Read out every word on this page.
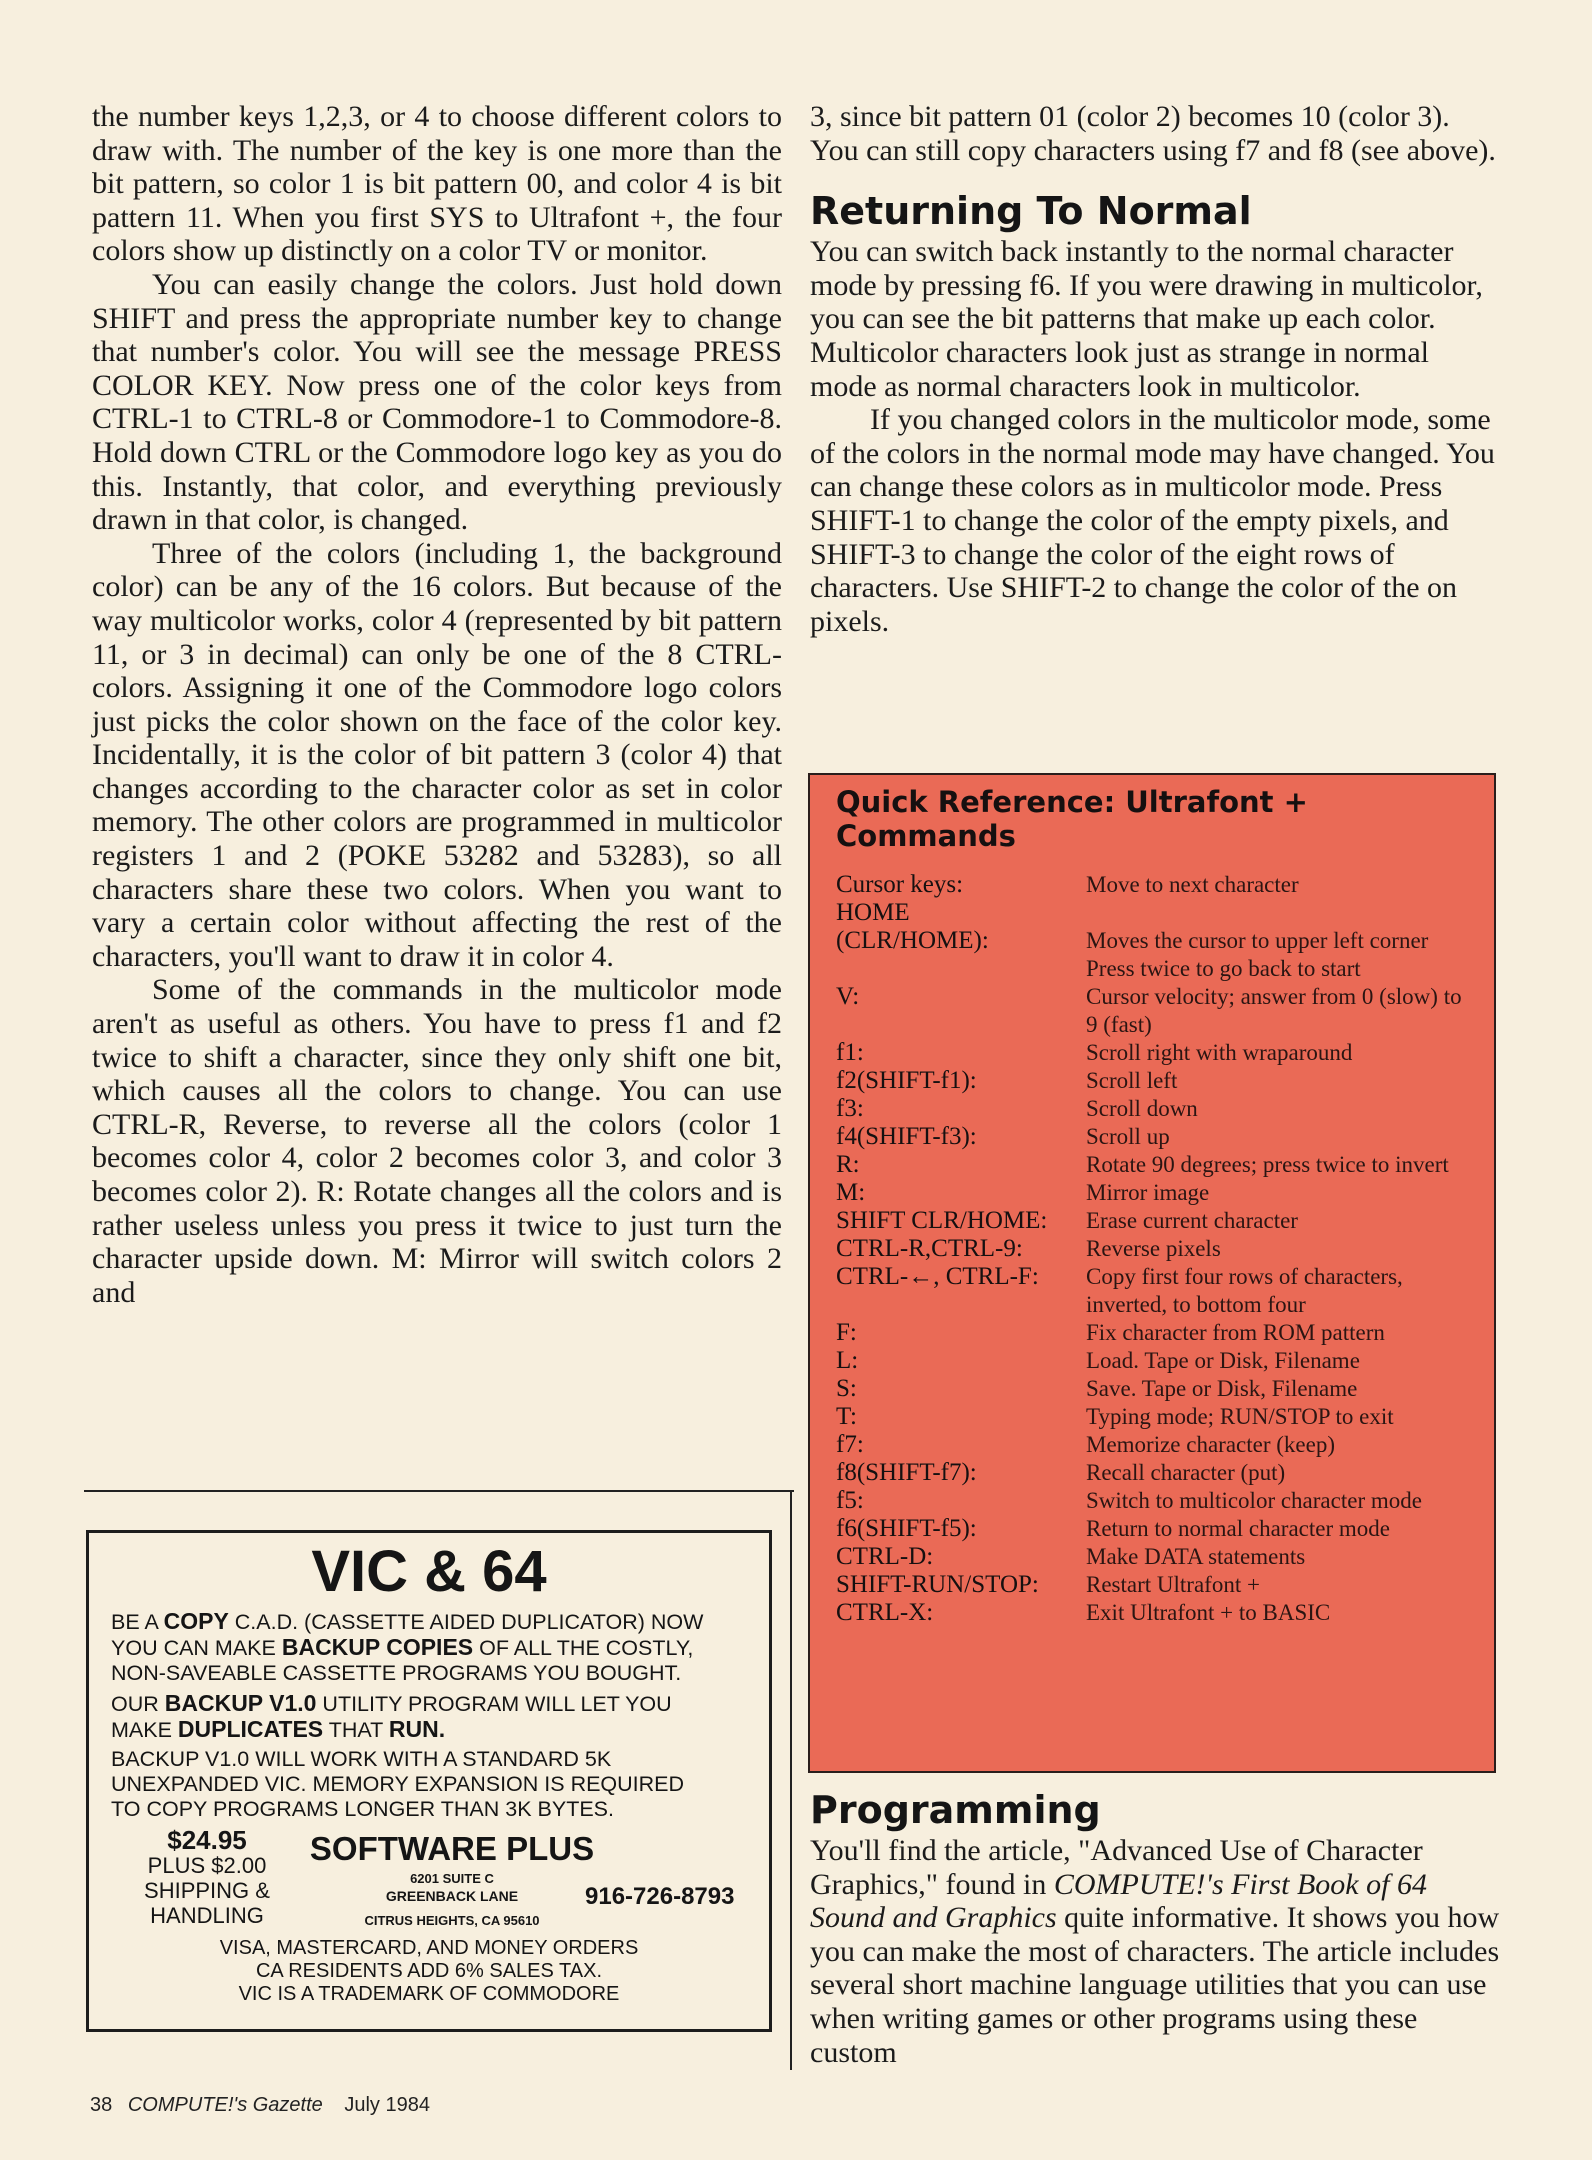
the number keys 1,2,3, or 4 to choose different colors to draw with. The number of the key is one more than the bit pattern, so color 1 is bit pattern 00, and color 4 is bit pattern 11. When you first SYS to Ultrafont +, the four colors show up distinctly on a color TV or monitor.

You can easily change the colors. Just hold down SHIFT and press the appropriate number key to change that number's color. You will see the message PRESS COLOR KEY. Now press one of the color keys from CTRL-1 to CTRL-8 or Commodore-1 to Commodore-8. Hold down CTRL or the Commodore logo key as you do this. Instantly, that color, and everything previously drawn in that color, is changed.

Three of the colors (including 1, the background color) can be any of the 16 colors. But because of the way multicolor works, color 4 (represented by bit pattern 11, or 3 in decimal) can only be one of the 8 CTRL-colors. Assigning it one of the Commodore logo colors just picks the color shown on the face of the color key. Incidentally, it is the color of bit pattern 3 (color 4) that changes according to the character color as set in color memory. The other colors are programmed in multicolor registers 1 and 2 (POKE 53282 and 53283), so all characters share these two colors. When you want to vary a certain color without affecting the rest of the characters, you'll want to draw it in color 4.

Some of the commands in the multicolor mode aren't as useful as others. You have to press f1 and f2 twice to shift a character, since they only shift one bit, which causes all the colors to change. You can use CTRL-R, Reverse, to reverse all the colors (color 1 becomes color 4, color 2 becomes color 3, and color 3 becomes color 2). R: Rotate changes all the colors and is rather useless unless you press it twice to just turn the character upside down. M: Mirror will switch colors 2 and

3, since bit pattern 01 (color 2) becomes 10 (color 3). You can still copy characters using f7 and f8 (see above).

Returning To Normal

You can switch back instantly to the normal character mode by pressing f6. If you were drawing in multicolor, you can see the bit patterns that make up each color. Multicolor characters look just as strange in normal mode as normal characters look in multicolor.

If you changed colors in the multicolor mode, some of the colors in the normal mode may have changed. You can change these colors as in multicolor mode. Press SHIFT-1 to change the color of the empty pixels, and SHIFT-3 to change the color of the eight rows of characters. Use SHIFT-2 to change the color of the on pixels.

Quick Reference: Ultrafont + Commands
Cursor keys:	Move to next character
HOME
(CLR/HOME):	Moves the cursor to upper left corner
Press twice to go back to start
V:	Cursor velocity; answer from 0 (slow) to 9 (fast)
f1:	Scroll right with wraparound
f2(SHIFT-f1):	Scroll left
f3:	Scroll down
f4(SHIFT-f3):	Scroll up
R:	Rotate 90 degrees; press twice to invert
M:	Mirror image
SHIFT CLR/HOME:	Erase current character
CTRL-R,CTRL-9:	Reverse pixels
CTRL-←, CTRL-F:	Copy first four rows of characters, inverted, to bottom four
F:	Fix character from ROM pattern
L:	Load. Tape or Disk, Filename
S:	Save. Tape or Disk, Filename
T:	Typing mode; RUN/STOP to exit
f7:	Memorize character (keep)
f8(SHIFT-f7):	Recall character (put)
f5:	Switch to multicolor character mode
f6(SHIFT-f5):	Return to normal character mode
CTRL-D:	Make DATA statements
SHIFT-RUN/STOP:	Restart Ultrafont +
CTRL-X:	Exit Ultrafont + to BASIC
Programming

You'll find the article, "Advanced Use of Character Graphics," found in COMPUTE!'s First Book of 64 Sound and Graphics quite informative. It shows you how you can make the most of characters. The article includes several short machine language utilities that you can use when writing games or other programs using these custom

VIC & 64
BE A COPY C.A.D. (CASSETTE AIDED DUPLICATOR) NOW
YOU CAN MAKE BACKUP COPIES OF ALL THE COSTLY,
NON-SAVEABLE CASSETTE PROGRAMS YOU BOUGHT.
OUR BACKUP V1.0 UTILITY PROGRAM WILL LET YOU
MAKE DUPLICATES THAT RUN.
BACKUP V1.0 WILL WORK WITH A STANDARD 5K
UNEXPANDED VIC. MEMORY EXPANSION IS REQUIRED
TO COPY PROGRAMS LONGER THAN 3K BYTES.
$24.95
PLUS $2.00
SHIPPING &
HANDLING
SOFTWARE PLUS
6201 SUITE C
GREENBACK LANE
CITRUS HEIGHTS, CA 95610
916-726-8793
VISA, MASTERCARD, AND MONEY ORDERS
CA RESIDENTS ADD 6% SALES TAX.
VIC IS A TRADEMARK OF COMMODORE
38 COMPUTE!'s Gazette July 1984
